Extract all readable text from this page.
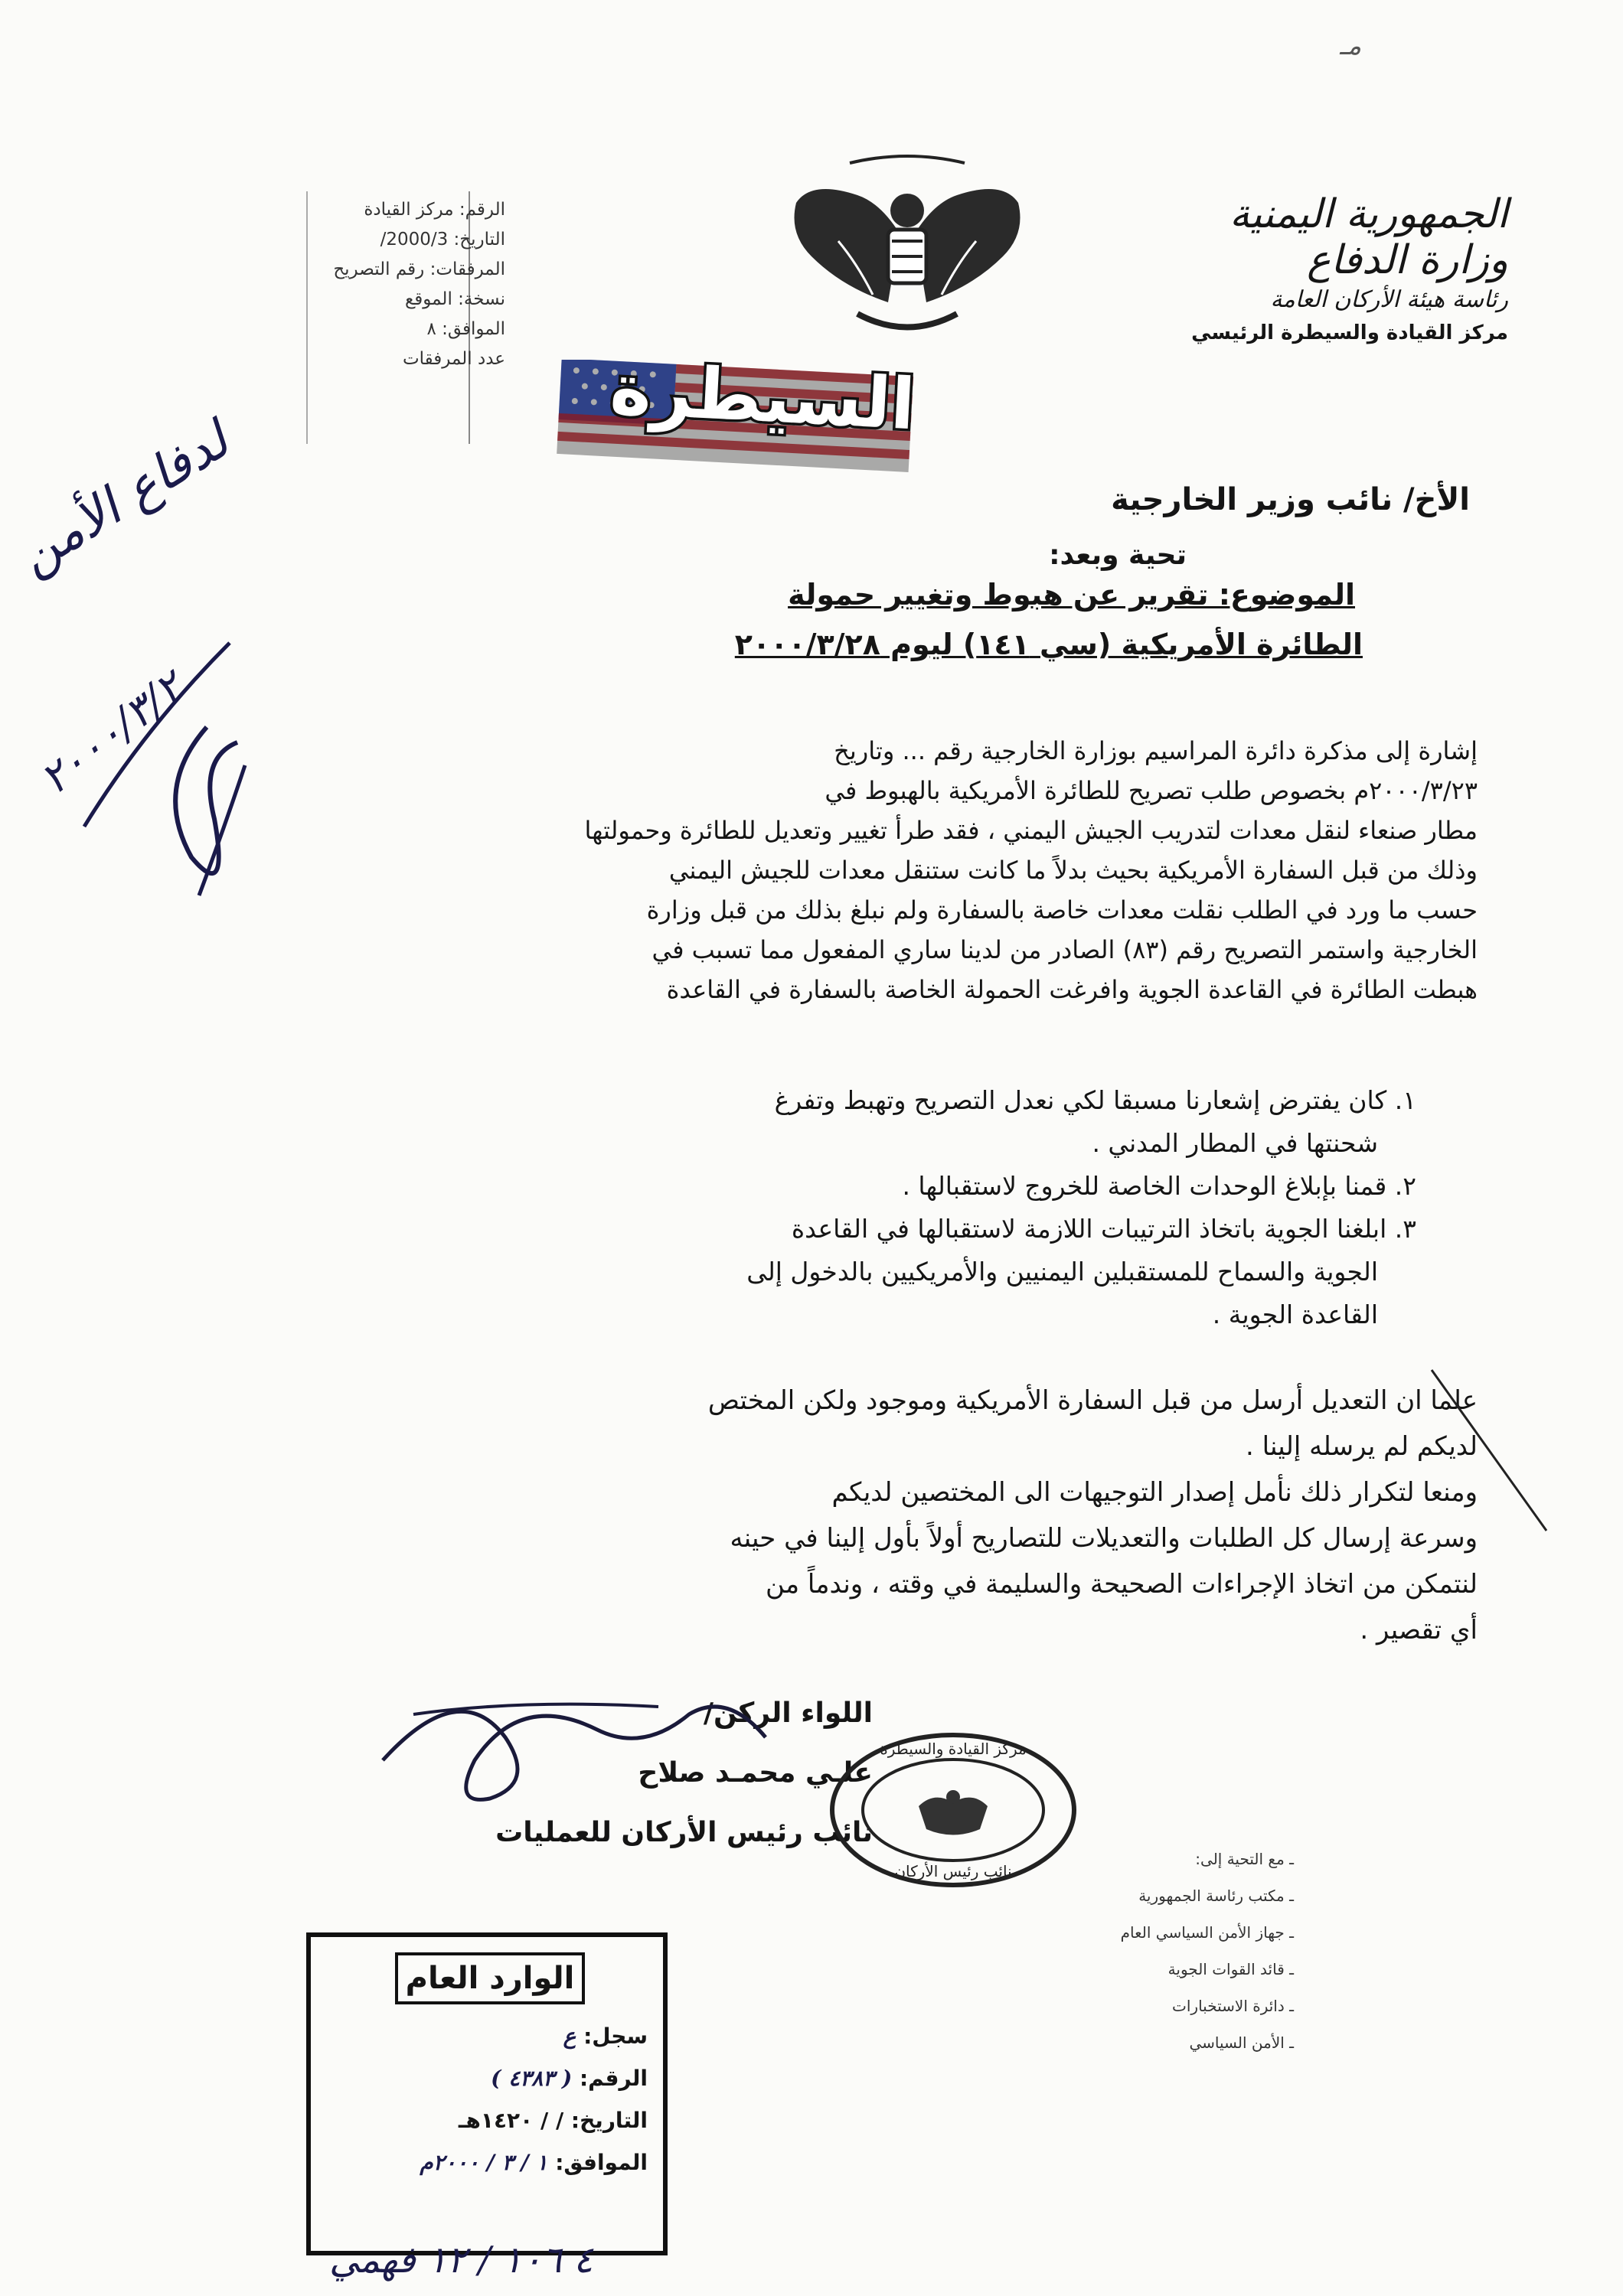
مـ
الجمهورية اليمنية
وزارة الدفاع
رئاسة هيئة الأركان العامة
مركز القيادة والسيطرة الرئيسي
الرقم: مركز القيادة
التاريخ: 2000/3/
المرفقات: رقم التصريح
نسخة: الموقع
الموافق: ٨
عدد المرفقات السيطرة
الأخ/ نائب وزير الخارجية
تحية وبعد:
الموضوع: تقرير عن هبوط وتغيير حمولة
الطائرة الأمريكية (سي ١٤١) ليوم ٢٠٠٠/٣/٢٨

إشارة إلى مذكرة دائرة المراسيم بوزارة الخارجية رقم ... وتاريخ

٢٠٠٠/٣/٢٣م بخصوص طلب تصريح للطائرة الأمريكية بالهبوط في

مطار صنعاء لنقل معدات لتدريب الجيش اليمني ، فقد طرأ تغيير وتعديل للطائرة وحمولتها

وذلك من قبل السفارة الأمريكية بحيث بدلاً ما كانت ستنقل معدات للجيش اليمني

حسب ما ورد في الطلب نقلت معدات خاصة بالسفارة ولم نبلغ بذلك من قبل وزارة

الخارجية واستمر التصريح رقم (٨٣) الصادر من لدينا ساري المفعول مما تسبب في

هبطت الطائرة في القاعدة الجوية وافرغت الحمولة الخاصة بالسفارة في القاعدة

١. كان يفترض إشعارنا مسبقا لكي نعدل التصريح وتهبط وتفرغ
شحنتها في المطار المدني .
٢. قمنا بإبلاغ الوحدات الخاصة للخروج لاستقبالها .
٣. ابلغنا الجوية باتخاذ الترتيبات اللازمة لاستقبالها في القاعدة
الجوية والسماح للمستقبلين اليمنيين والأمريكيين بالدخول إلى
القاعدة الجوية .

علما ان التعديل أرسل من قبل السفارة الأمريكية وموجود ولكن المختص

لديكم لم يرسله إلينا .

ومنعا لتكرار ذلك نأمل إصدار التوجيهات الى المختصين لديكم

وسرعة إرسال كل الطلبات والتعديلات للتصاريح أولاً بأول إلينا في حينه

لنتمكن من اتخاذ الإجراءات الصحيحة والسليمة في وقته ، وندماً من

أي تقصير .

اللواء الركن/
علـي محمـد صلاح
نائب رئيس الأركان للعمليات
مركز القيادة والسيطرة
نائب رئيس الأركان
ـ مع التحية إلى:
ـ مكتب رئاسة الجمهورية
ـ جهاز الأمن السياسي العام
ـ قائد القوات الجوية
ـ دائرة الاستخبارات
ـ الأمن السياسي
الوارد العام
سجل: ع
الرقم: ( ٤٣٨٣ )
التاريخ: / / ١٤٢٠هـ
الموافق: ١ / ٣ / ٢٠٠٠م
لدفاع الأمن
٢٠٠٠/٣/٢
٤ ١٠٦ / ١٢ فهمي
